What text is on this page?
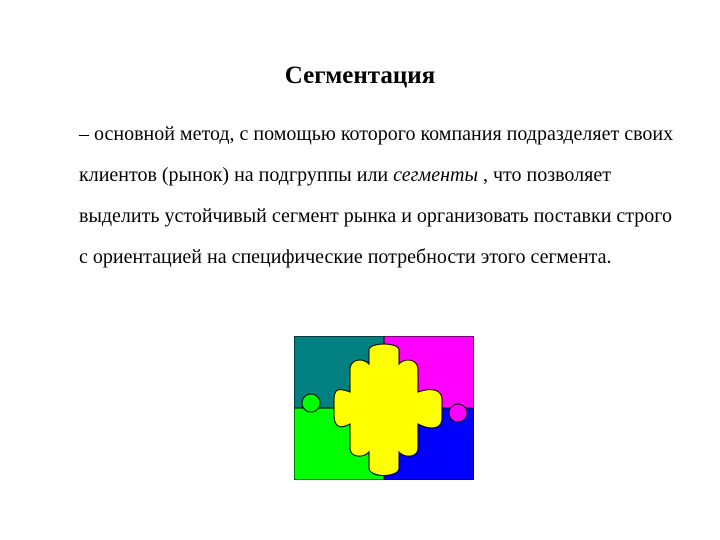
Сегментация

– основной метод, с помощью которого компания подразделяет своих клиентов (рынок) на подгруппы или сегменты , что позволяет выделить устойчивый сегмент рынка и организовать поставки строго с ориентацией на специфические потребности этого сегмента.
